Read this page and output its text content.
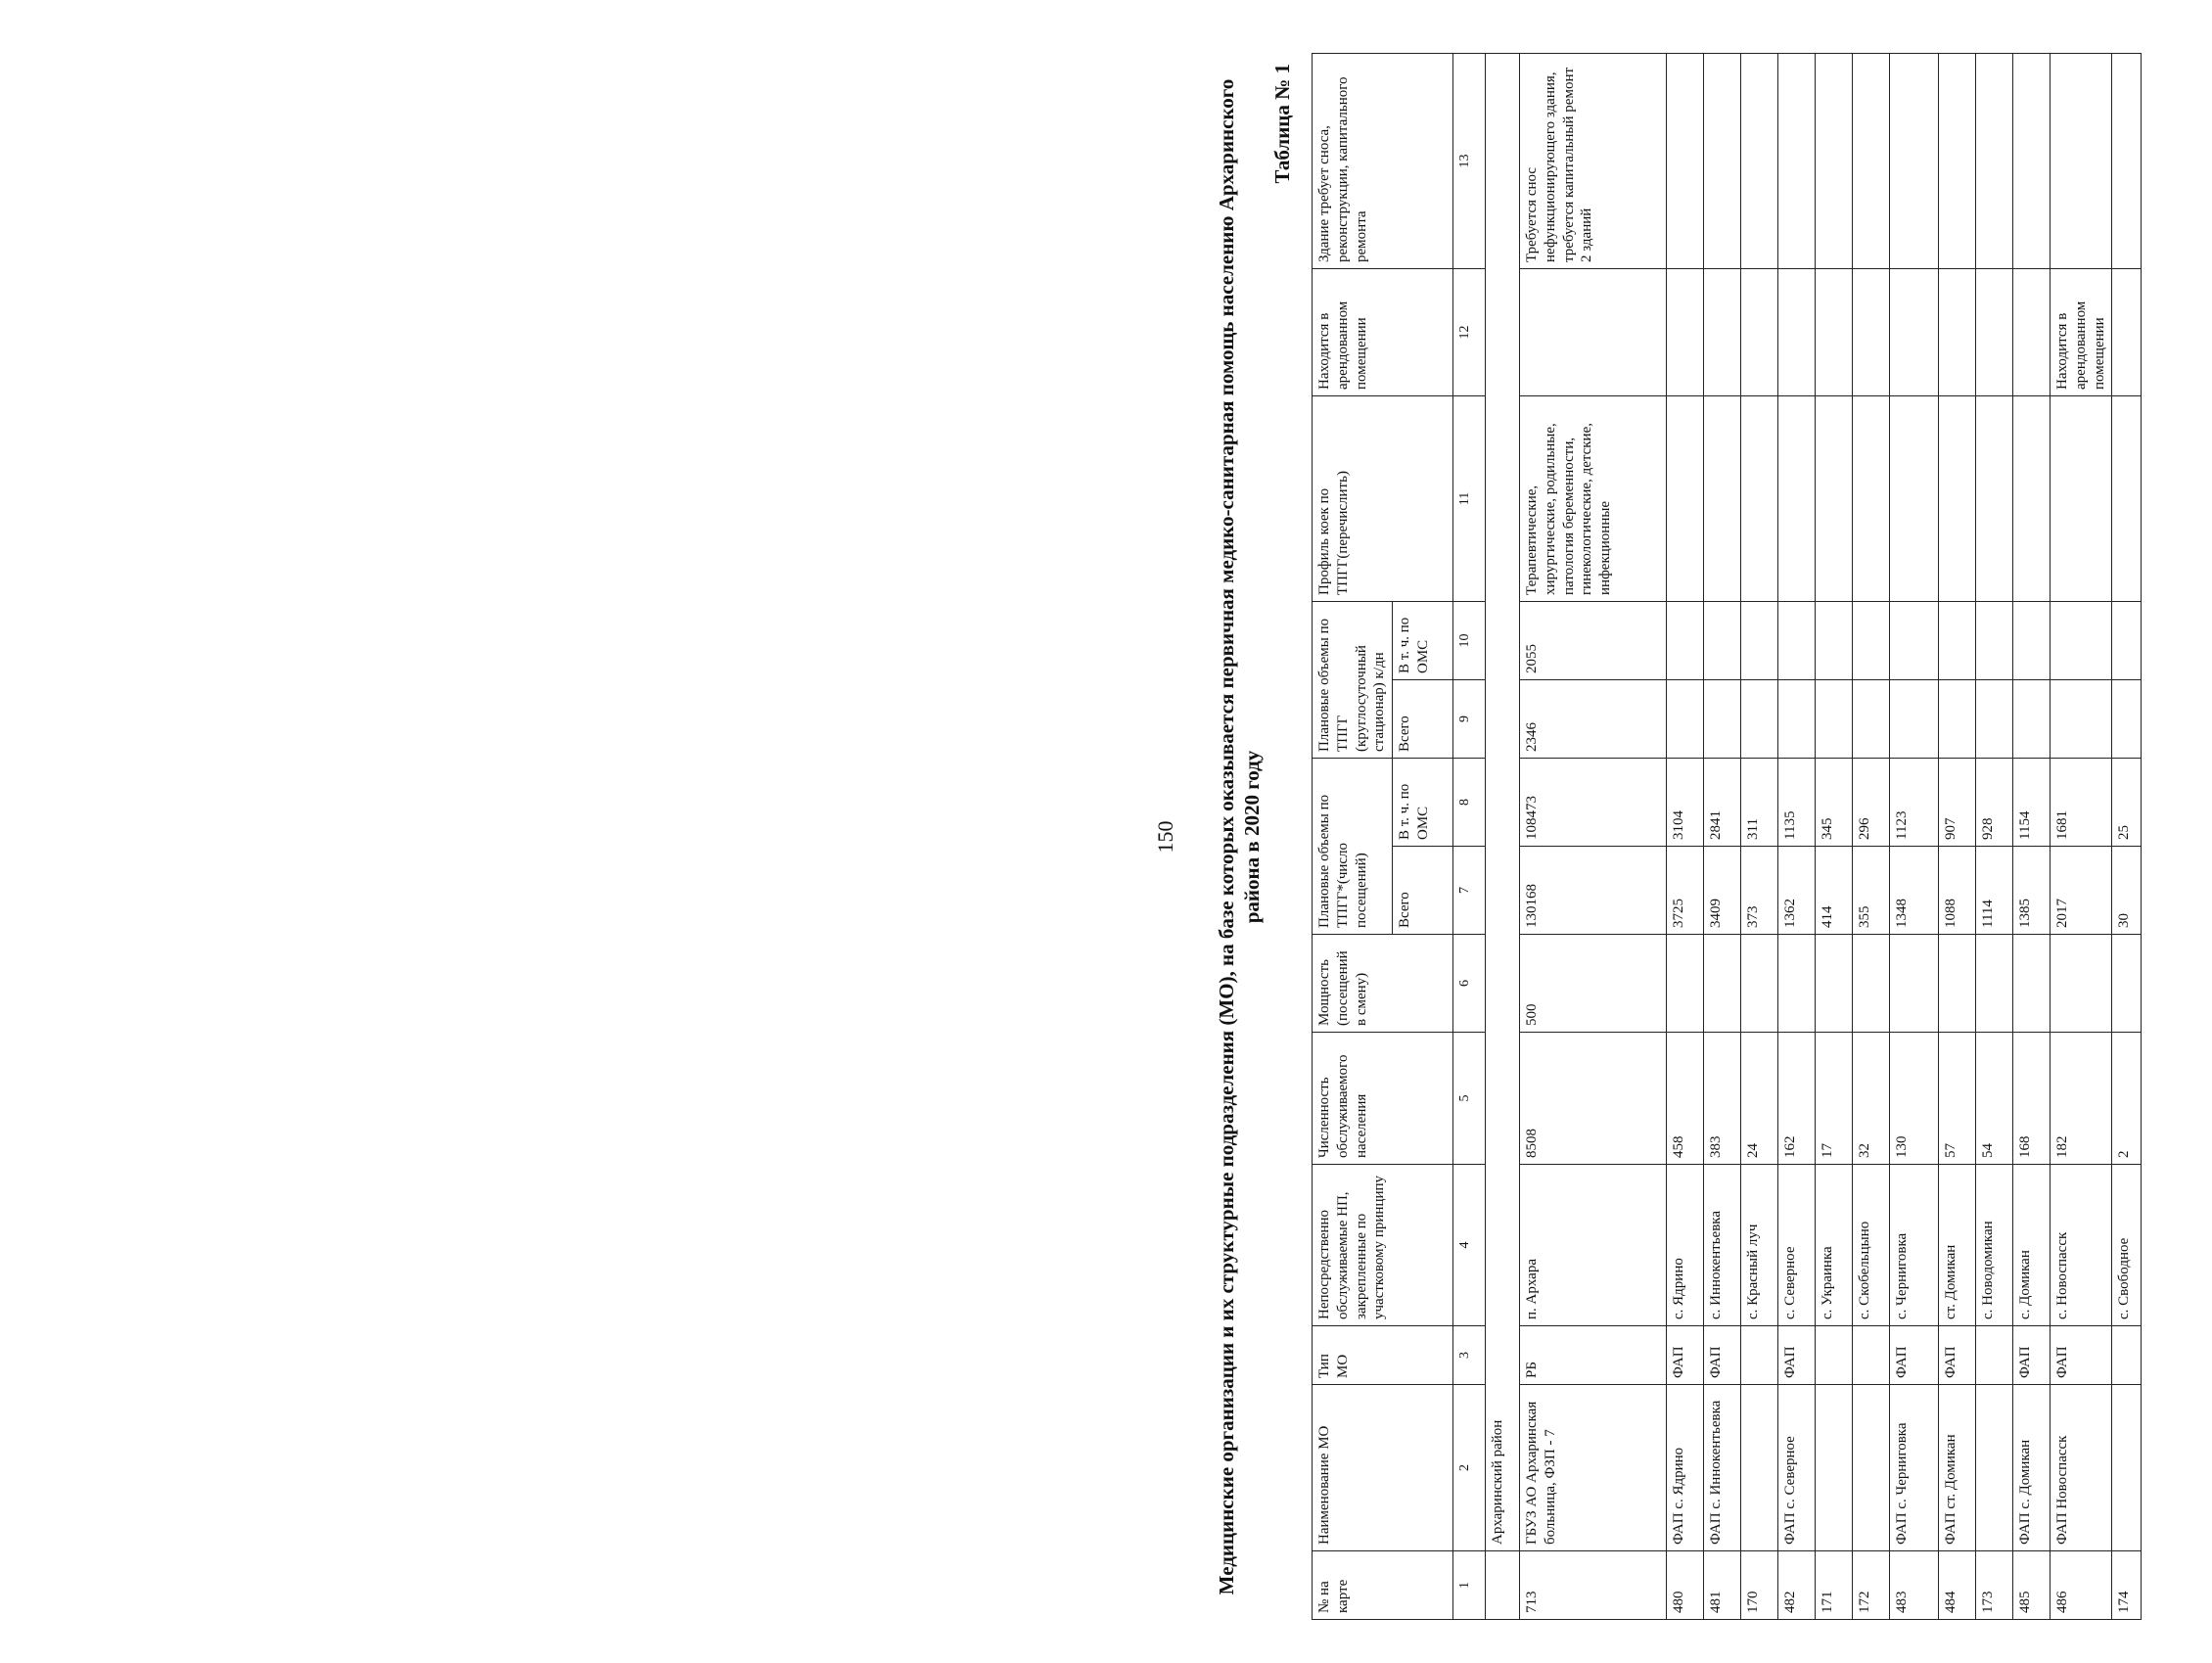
150 Медицинские организации и их структурные подразделения (МО), на базе которых оказывается первичная медико-санитарная помощь населению Архаринского района в 2020 году
Таблица № 1
№ на карте	Наименование МО	Тип МО	Непосредственно обслуживаемые НП, закрепленные по участковому принципу	Численность обслуживаемого населения	Мощность (посещений в смену)	Плановые объемы по ТПГГ*(число посещений)		Плановые объемы по ТПГГ (круглосуточный стационар) к/дн		Профиль коек по ТПГГ(перечислить)	Находится в арендованном помещении	Здание требует сноса, реконструкции, капитального ремонта
						Всего	В т. ч. по ОМС	Всего	В т. ч. по ОМС			
1	2	3	4	5	6	7	8	9	10	11	12	13
	Архаринский район											
713	ГБУЗ АО Архаринская больница, ФЗП - 7	РБ	п. Архара	8508	500	130168	108473	2346	2055	Терапевтические, хирургические, родильные, патология беременности, гинекологические, детские, инфекционные		Требуется снос нефункционирующего здания, требуется капитальный ремонт 2 зданий
480	ФАП с. Ядрино	ФАП	с. Ядрино	458		3725	3104					
481	ФАП с. Иннокентьевка	ФАП	с. Иннокентьевка	383		3409	2841					
170			с. Красный луч	24		373	311					
482	ФАП с. Северное	ФАП	с. Северное	162		1362	1135					
171			с. Украинка	17		414	345					
172			с. Скобельцыно	32		355	296					
483	ФАП с. Черниговка	ФАП	с. Черниговка	130		1348	1123					
484	ФАП ст. Домикан	ФАП	ст. Домикан	57		1088	907					
173			с. Новодомикан	54		1114	928					
485	ФАП с. Домикан	ФАП	с. Домикан	168		1385	1154					
486	ФАП Новоспасск	ФАП	с. Новоспасск	182		2017	1681				Находится в арендованном помещении	
174			с. Свободное	2		30	25					
